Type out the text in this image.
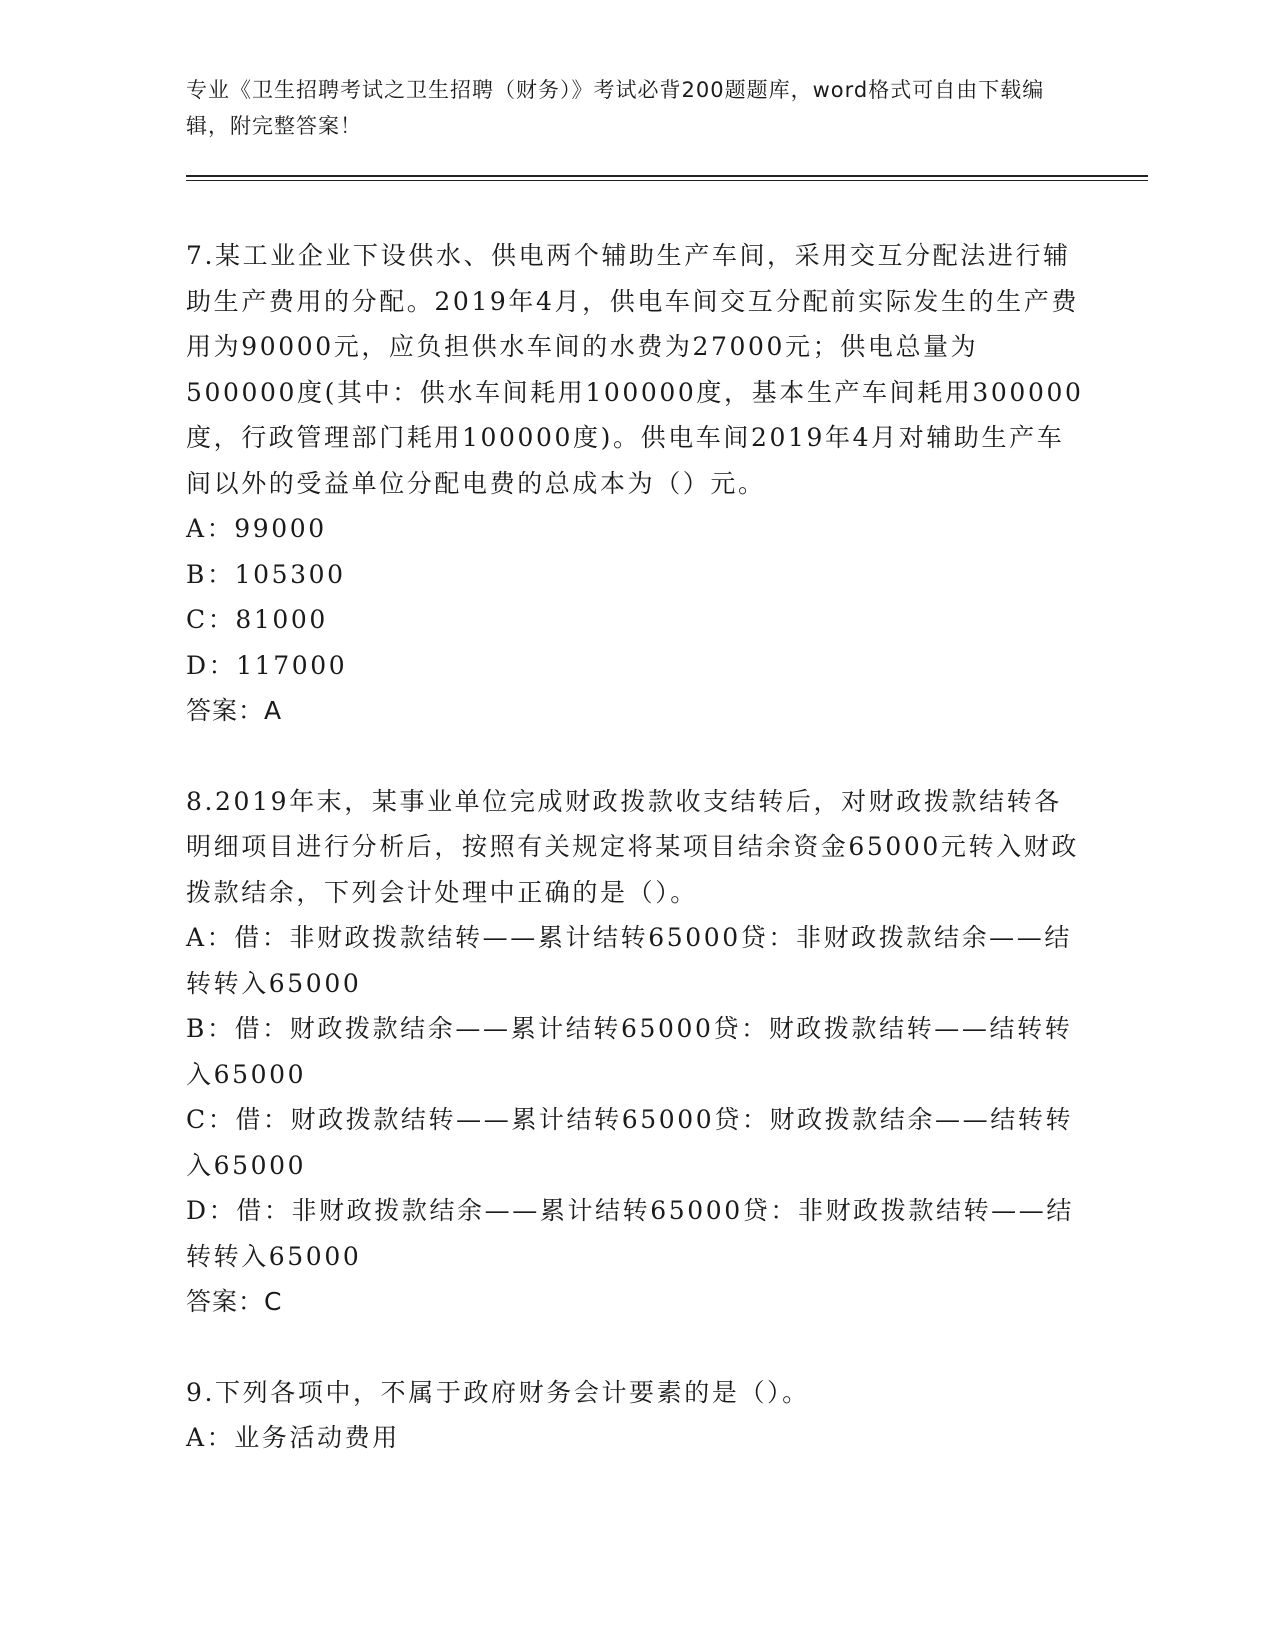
专业《卫生招聘考试之卫生招聘（财务）》考试必背200题题库，word格式可自由下载编辑，附完整答案！

7.某工业企业下设供水、供电两个辅助生产车间，采用交互分配法进行辅助生产费用的分配。2019年4月，供电车间交互分配前实际发生的生产费用为90000元，应负担供水车间的水费为27000元；供电总量为500000度(其中：供水车间耗用100000度，基本生产车间耗用300000度，行政管理部门耗用100000度)。供电车间2019年4月对辅助生产车间以外的受益单位分配电费的总成本为（）元。

A：99000

B：105300

C：81000

D：117000

答案：A

8.2019年末，某事业单位完成财政拨款收支结转后，对财政拨款结转各明细项目进行分析后，按照有关规定将某项目结余资金65000元转入财政拨款结余，下列会计处理中正确的是（）。

A：借：非财政拨款结转——累计结转65000贷：非财政拨款结余——结转转入65000

B：借：财政拨款结余——累计结转65000贷：财政拨款结转——结转转入65000

C：借：财政拨款结转——累计结转65000贷：财政拨款结余——结转转入65000

D：借：非财政拨款结余——累计结转65000贷：非财政拨款结转——结转转入65000

答案：C

9.下列各项中，不属于政府财务会计要素的是（）。

A：业务活动费用
